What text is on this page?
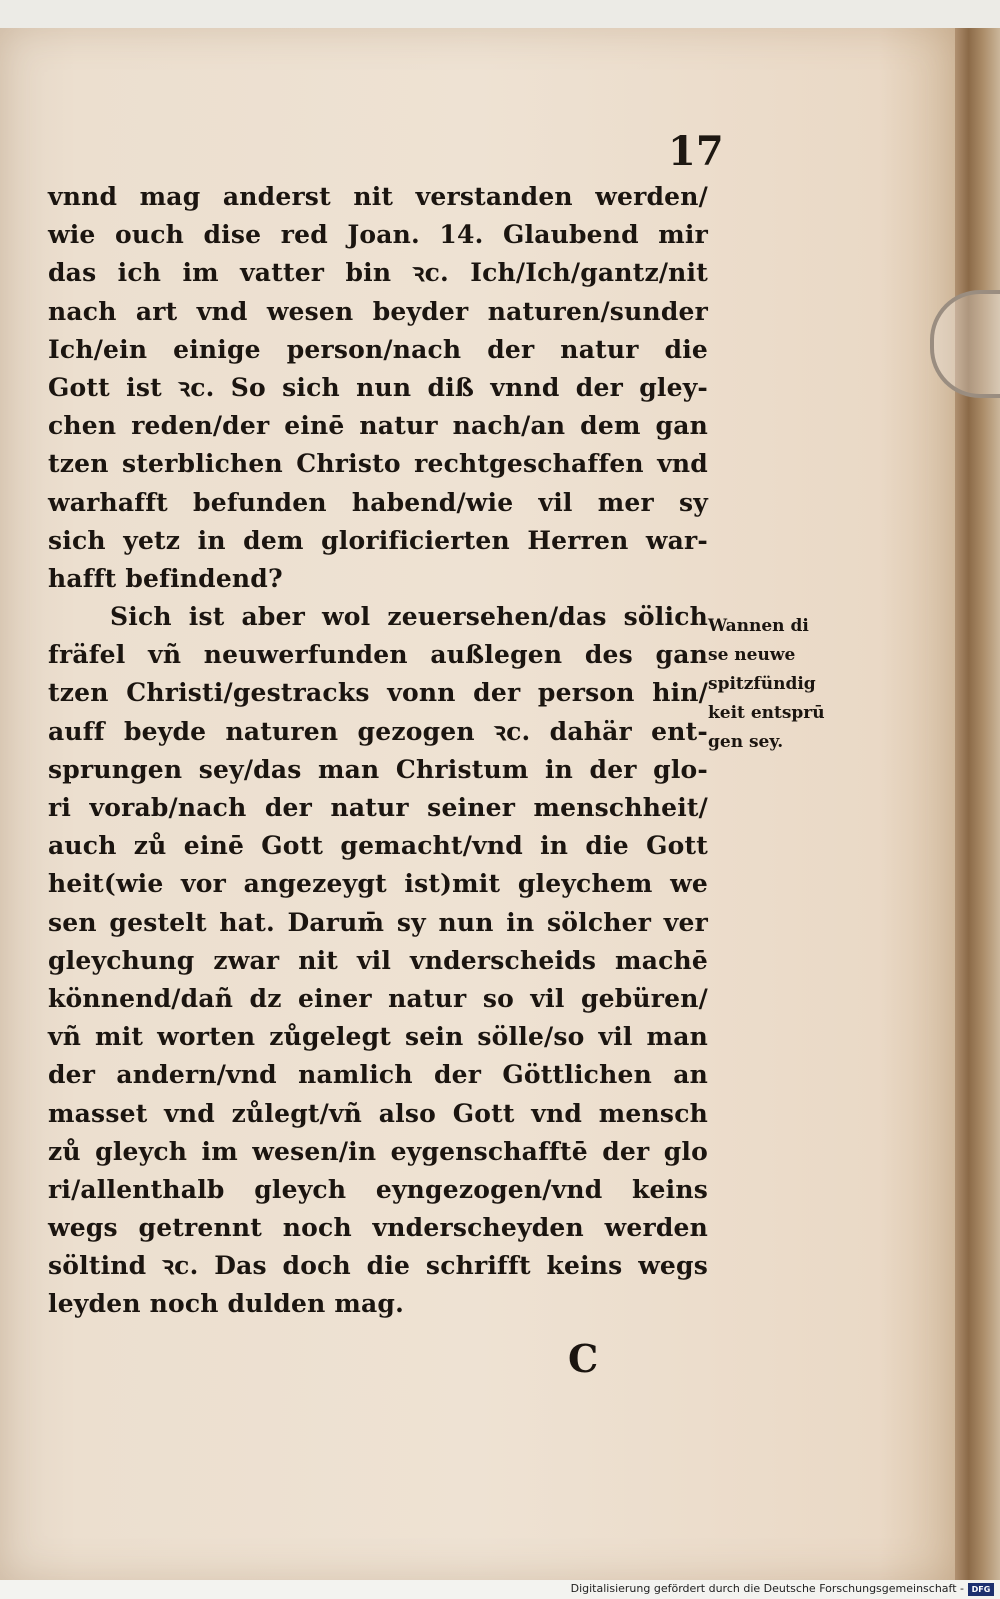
17
vnnd mag anderst nit verstanden werden/
wie ouch dise red Joan. 14. Glaubend mir
das ich im vatter bin ꝛc. Ich/Ich/gantz/nit
nach art vnd wesen beyder naturen/sunder
Ich/ein einige person/nach der natur die
Gott ist ꝛc. So sich nun diß vnnd der gley-
chen reden/der einē natur nach/an dem gan
tzen sterblichen Christo rechtgeschaffen vnd
warhafft befunden habend/wie vil mer sy
sich yetz in dem glorificierten Herren war-
hafft befindend?
Sich ist aber wol zeuersehen/das sölich
fräfel vñ neuwerfunden außlegen des gan
tzen Christi/gestracks vonn der person hin/
auff beyde naturen gezogen ꝛc. dahär ent-
sprungen sey/das man Christum in der glo-
ri vorab/nach der natur seiner menschheit/
auch zů einē Gott gemacht/vnd in die Gott
heit(wie vor angezeygt ist)mit gleychem we
sen gestelt hat. Darum̄ sy nun in sölcher ver
gleychung zwar nit vil vnderscheids machē
könnend/dañ dz einer natur so vil gebüren/
vñ mit worten zůgelegt sein sölle/so vil man
der andern/vnd namlich der Göttlichen an
masset vnd zůlegt/vñ also Gott vnd mensch
zů gleych im wesen/in eygenschafftē der glo
ri/allenthalb gleych eyngezogen/vnd keins
wegs getrennt noch vnderscheyden werden
söltind ꝛc. Das doch die schrifft keins wegs
leyden noch dulden mag.
Wannen di
se neuwe
spitzfündig
keit entsprū
gen sey.
C
Digitalisierung gefördert durch die Deutsche Forschungsgemeinschaft - DFG
